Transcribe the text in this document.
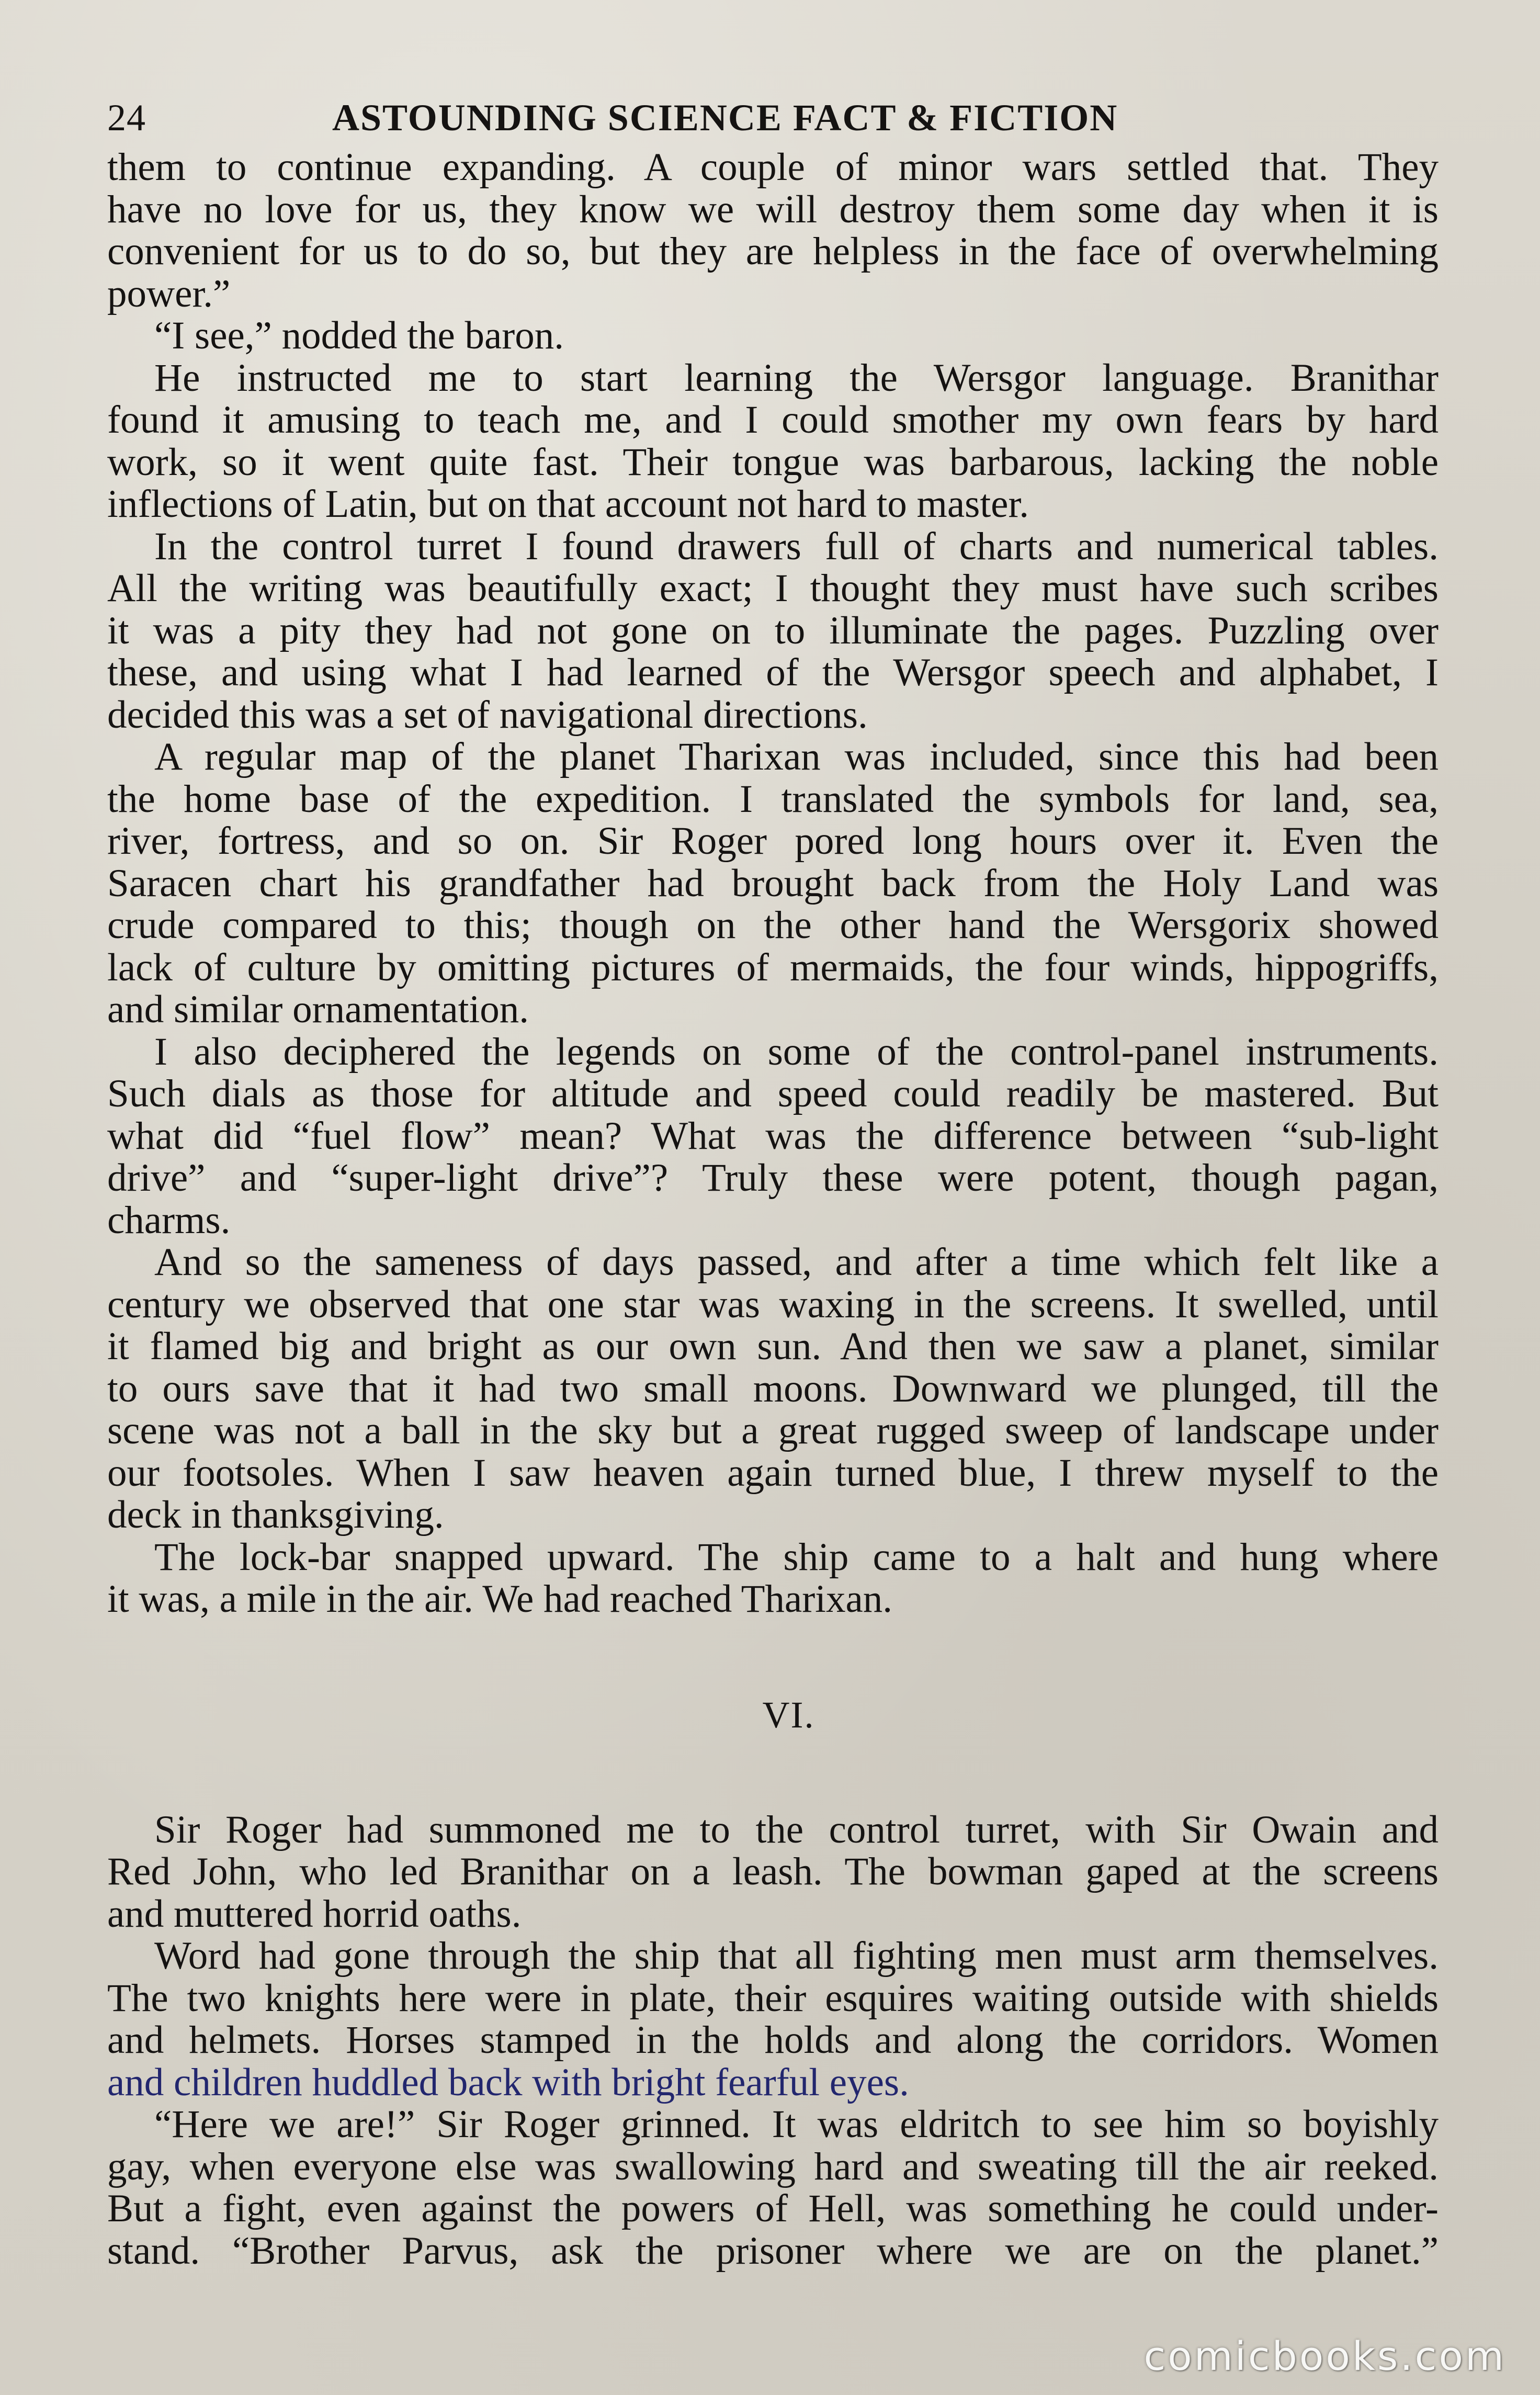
24	ASTOUNDING SCIENCE FACT & FICTION
them to continue expanding. A couple of minor wars settled that. They
have no love for us, they know we will destroy them some day when it is
convenient for us to do so, but they are helpless in the face of overwhelming
power.”
“I see,” nodded the baron.
He instructed me to start learning the Wersgor language. Branithar
found it amusing to teach me, and I could smother my own fears by hard
work, so it went quite fast. Their tongue was barbarous, lacking the noble
inflections of Latin, but on that account not hard to master.
In the control turret I found drawers full of charts and numerical tables.
All the writing was beautifully exact; I thought they must have such scribes
it was a pity they had not gone on to illuminate the pages. Puzzling over
these, and using what I had learned of the Wersgor speech and alphabet, I
decided this was a set of navigational directions.
A regular map of the planet Tharixan was included, since this had been
the home base of the expedition. I translated the symbols for land, sea,
river, fortress, and so on. Sir Roger pored long hours over it. Even the
Saracen chart his grandfather had brought back from the Holy Land was
crude compared to this; though on the other hand the Wersgorix showed
lack of culture by omitting pictures of mermaids, the four winds, hippogriffs,
and similar ornamentation.
I also deciphered the legends on some of the control-panel instruments.
Such dials as those for altitude and speed could readily be mastered. But
what did “fuel flow” mean? What was the difference between “sub-light
drive” and “super-light drive”? Truly these were potent, though pagan,
charms.
And so the sameness of days passed, and after a time which felt like a
century we observed that one star was waxing in the screens. It swelled, until
it flamed big and bright as our own sun. And then we saw a planet, similar
to ours save that it had two small moons. Downward we plunged, till the
scene was not a ball in the sky but a great rugged sweep of landscape under
our footsoles. When I saw heaven again turned blue, I threw myself to the
deck in thanksgiving.
The lock-bar snapped upward. The ship came to a halt and hung where
it was, a mile in the air. We had reached Tharixan.
VI.
Sir Roger had summoned me to the control turret, with Sir Owain and
Red John, who led Branithar on a leash. The bowman gaped at the screens
and muttered horrid oaths.
Word had gone through the ship that all fighting men must arm themselves.
The two knights here were in plate, their esquires waiting outside with shields
and helmets. Horses stamped in the holds and along the corridors. Women
and children huddled back with bright fearful eyes.
“Here we are!” Sir Roger grinned. It was eldritch to see him so boyishly
gay, when everyone else was swallowing hard and sweating till the air reeked.
But a fight, even against the powers of Hell, was something he could under-
stand. “Brother Parvus, ask the prisoner where we are on the planet.”
comicbooks.com
